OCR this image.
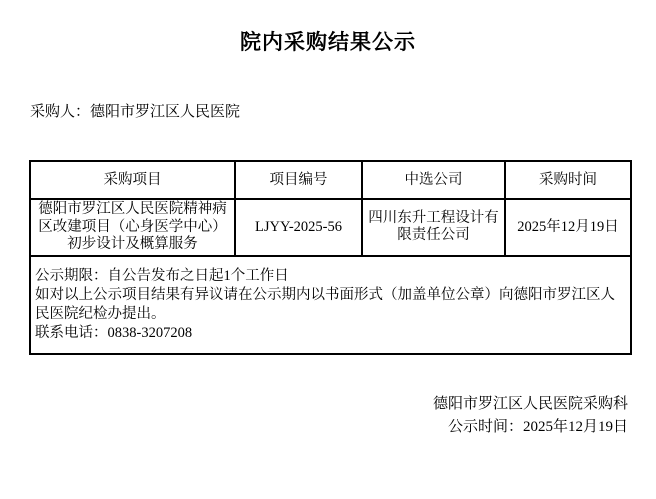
院内采购结果公示
采购人：德阳市罗江区人民医院
采购项目	项目编号	中选公司	采购时间
德阳市罗江区人民医院精神病区改建项目（心身医学中心）初步设计及概算服务	LJYY-2025-56	四川东升工程设计有限责任公司	2025年12月19日

公示期限：自公告发布之日起1个工作日
如对以上公示项目结果有异议请在公示期内以书面形式（加盖单位公章）向德阳市罗江区人民医院纪检办提出。
联系电话：0838-3207208			
德阳市罗江区人民医院采购科
公示时间：2025年12月19日
